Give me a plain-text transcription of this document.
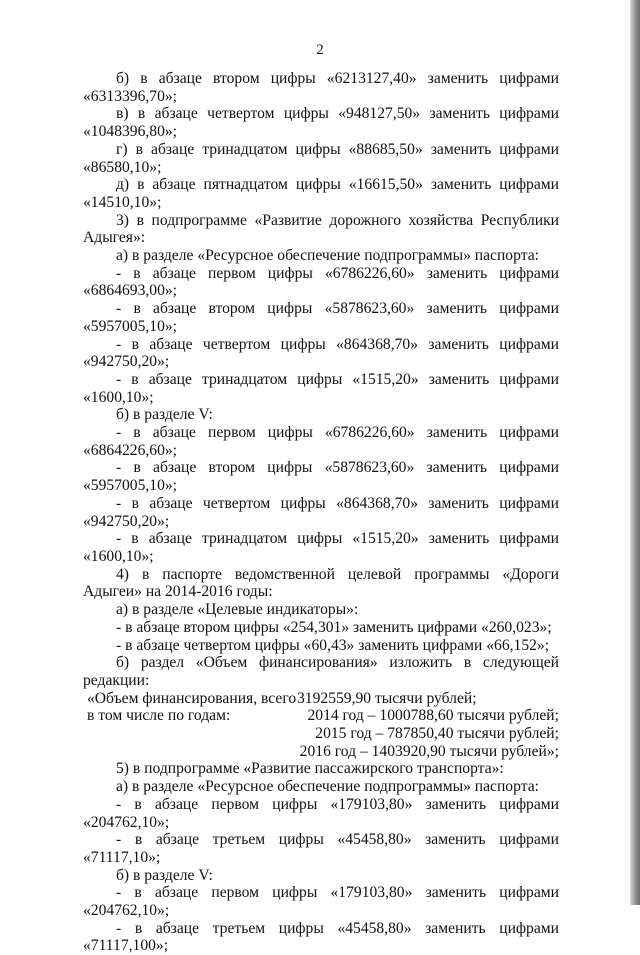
2
б) в абзаце втором цифры «6213127,40» заменить цифрами «6313396,70»;
в) в абзаце четвертом цифры «948127,50» заменить цифрами «1048396,80»;
г) в абзаце тринадцатом цифры «88685,50» заменить цифрами «86580,10»;
д) в абзаце пятнадцатом цифры «16615,50» заменить цифрами «14510,10»;
3) в подпрограмме «Развитие дорожного хозяйства Республики Адыгея»:
а) в разделе «Ресурсное обеспечение подпрограммы» паспорта:
- в абзаце первом цифры «6786226,60» заменить цифрами «6864693,00»;
- в абзаце втором цифры «5878623,60» заменить цифрами «5957005,10»;
- в абзаце четвертом цифры «864368,70» заменить цифрами «942750,20»;
- в абзаце тринадцатом цифры «1515,20» заменить цифрами «1600,10»;
б) в разделе V:
- в абзаце первом цифры «6786226,60» заменить цифрами «6864226,60»;
- в абзаце втором цифры «5878623,60» заменить цифрами «5957005,10»;
- в абзаце четвертом цифры «864368,70» заменить цифрами «942750,20»;
- в абзаце тринадцатом цифры «1515,20» заменить цифрами «1600,10»;
4) в паспорте ведомственной целевой программы «Дороги Адыгеи» на 2014-2016 годы:
а) в разделе «Целевые индикаторы»:
- в абзаце втором цифры «254,301» заменить цифрами «260,023»;
- в абзаце четвертом цифры «60,43» заменить цифрами «66,152»;
б) раздел «Объем финансирования» изложить в следующей редакции:
«Объем финансирования, всего 3192559,90 тысячи рублей;
в том числе по годам:	2014 год – 1000788,60 тысячи рублей;
2015 год – 787850,40 тысячи рублей;
2016 год – 1403920,90 тысячи рублей»;
5) в подпрограмме «Развитие пассажирского транспорта»:
а) в разделе «Ресурсное обеспечение подпрограммы» паспорта:
- в абзаце первом цифры «179103,80» заменить цифрами «204762,10»;
- в абзаце третьем цифры «45458,80» заменить цифрами «71117,10»;
б) в разделе V:
- в абзаце первом цифры «179103,80» заменить цифрами «204762,10»;
- в абзаце третьем цифры «45458,80» заменить цифрами «71117,100»;
